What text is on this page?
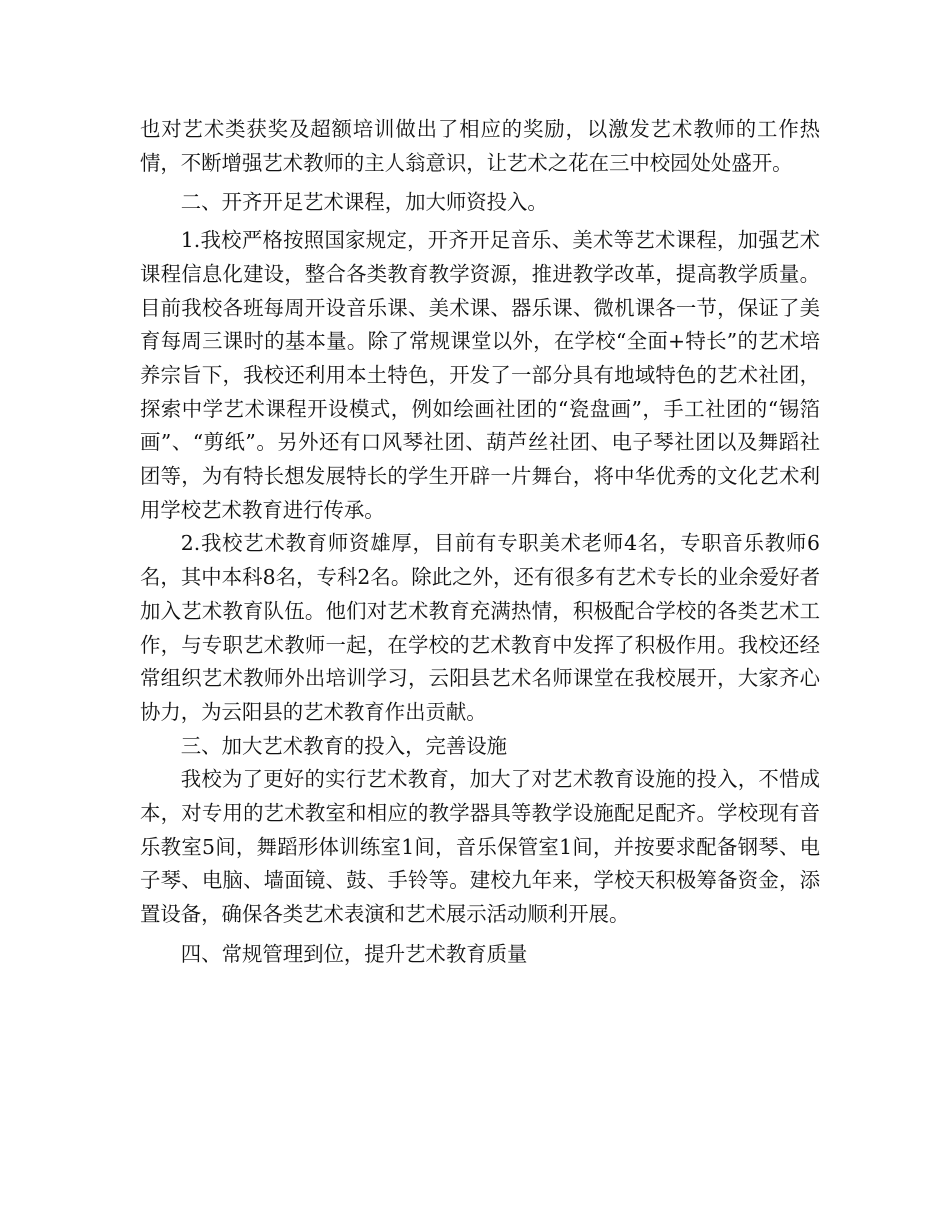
也对艺术类获奖及超额培训做出了相应的奖励，以激发艺术教师的工作热情，不断增强艺术教师的主人翁意识，让艺术之花在三中校园处处盛开。

二、开齐开足艺术课程，加大师资投入。

1.我校严格按照国家规定，开齐开足音乐、美术等艺术课程，加强艺术课程信息化建设，整合各类教育教学资源，推进教学改革，提高教学质量。目前我校各班每周开设音乐课、美术课、器乐课、微机课各一节，保证了美育每周三课时的基本量。除了常规课堂以外，在学校“全面+特长”的艺术培养宗旨下，我校还利用本土特色，开发了一部分具有地域特色的艺术社团，探索中学艺术课程开设模式，例如绘画社团的“瓷盘画”，手工社团的“锡箔画”、“剪纸”。另外还有口风琴社团、葫芦丝社团、电子琴社团以及舞蹈社团等，为有特长想发展特长的学生开辟一片舞台，将中华优秀的文化艺术利用学校艺术教育进行传承。

2.我校艺术教育师资雄厚，目前有专职美术老师4名，专职音乐教师6名，其中本科8名，专科2名。除此之外，还有很多有艺术专长的业余爱好者加入艺术教育队伍。他们对艺术教育充满热情，积极配合学校的各类艺术工作，与专职艺术教师一起，在学校的艺术教育中发挥了积极作用。我校还经常组织艺术教师外出培训学习，云阳县艺术名师课堂在我校展开，大家齐心协力，为云阳县的艺术教育作出贡献。

三、加大艺术教育的投入，完善设施

我校为了更好的实行艺术教育，加大了对艺术教育设施的投入，不惜成本，对专用的艺术教室和相应的教学器具等教学设施配足配齐。学校现有音乐教室5间，舞蹈形体训练室1间，音乐保管室1间，并按要求配备钢琴、电子琴、电脑、墙面镜、鼓、手铃等。建校九年来，学校天积极筹备资金，添置设备，确保各类艺术表演和艺术展示活动顺利开展。

四、常规管理到位，提升艺术教育质量
